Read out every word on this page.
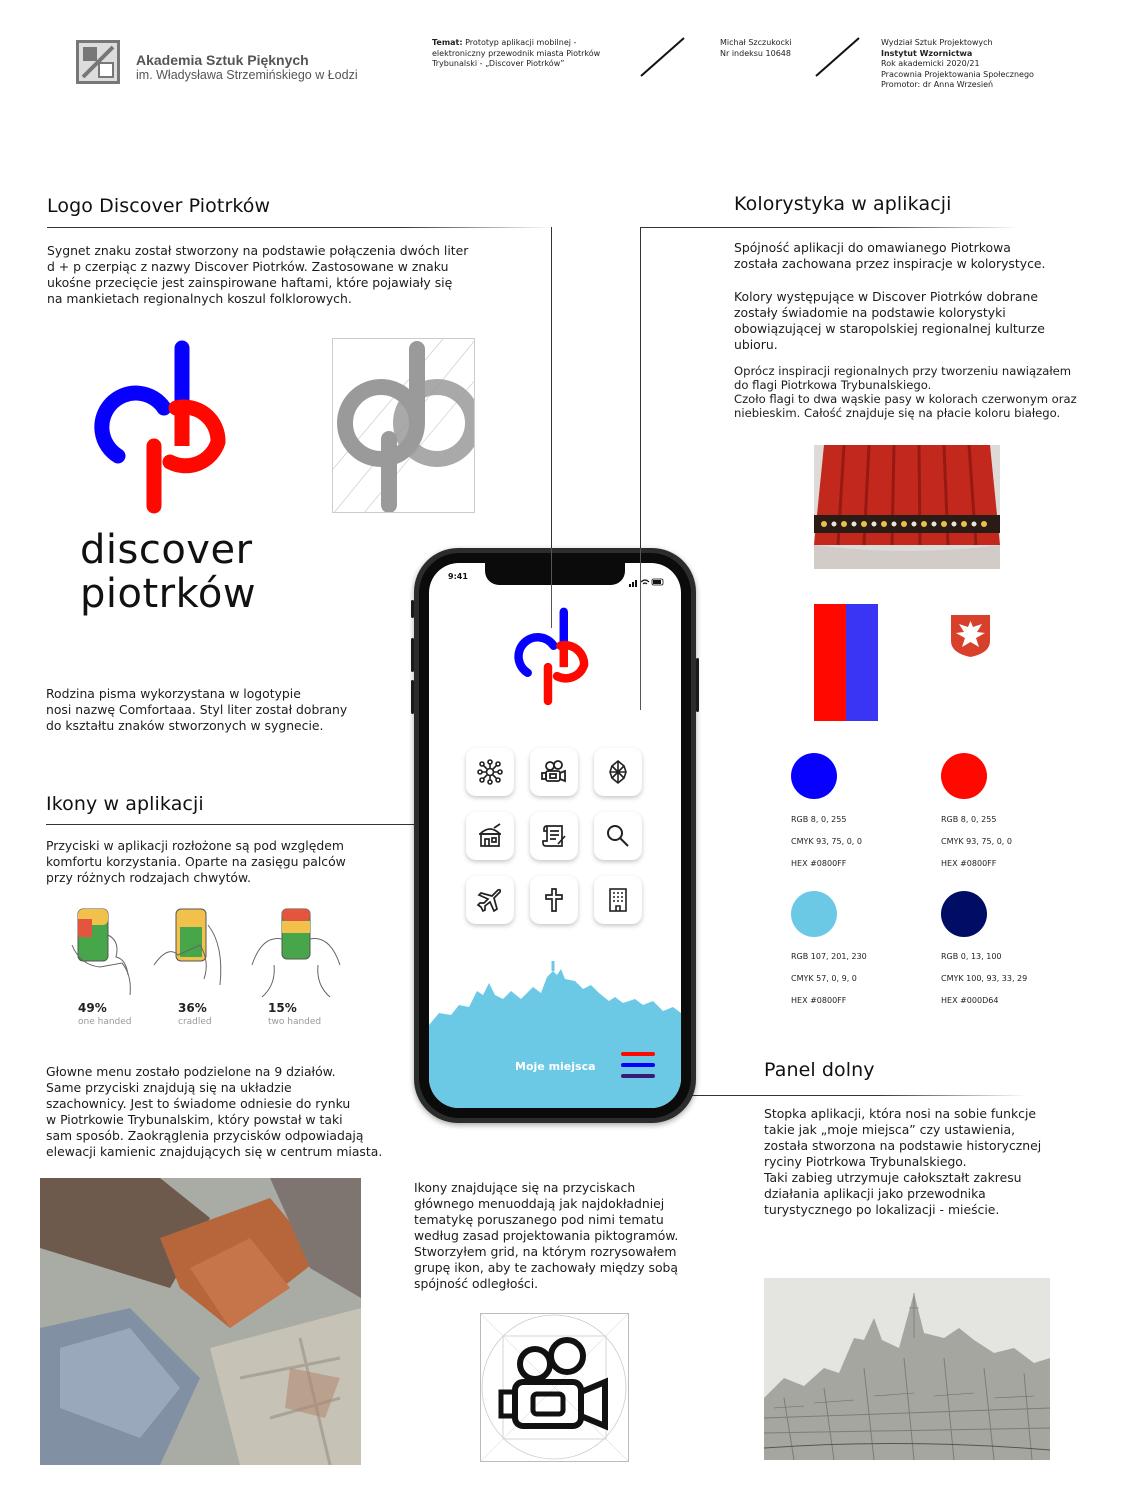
Akademia Sztuk Pięknych
im. Władysława Strzemińskiego w Łodzi
Temat: Prototyp aplikacji mobilnej - elektroniczny przewodnik miasta Piotrków Trybunalski - „Discover Piotrków”
Michał Szczukocki
Nr indeksu 10648
Wydział Sztuk Projektowych
Instytut Wzornictwa
Rok akademicki 2020/21
Pracownia Projektowania Społecznego
Promotor: dr Anna Wrzesień
Logo Discover Piotrków
Sygnet znaku został stworzony na podstawie połączenia dwóch liter
d + p czerpiąc z nazwy Discover Piotrków. Zastosowane w znaku
ukośne przecięcie jest zainspirowane haftami, które pojawiały się
na mankietach regionalnych koszul folklorowych.
discover
piotrków
Rodzina pisma wykorzystana w logotypie
nosi nazwę Comfortaaa. Styl liter został dobrany
do kształtu znaków stworzonych w sygnecie.
Ikony w aplikacji
Przyciski w aplikacji rozłożone są pod względem
komfortu korzystania. Oparte na zasięgu palców
przy różnych rodzajach chwytów.
49%
one handed
36%
cradled
15%
two handed
Głowne menu zostało podzielone na 9 działów.
Same przyciski znajdują się na układzie
szachownicy. Jest to świadome odniesie do rynku
w Piotrkowie Trybunalskim, który powstał w taki
sam sposób. Zaokrąglenia przycisków odpowiadają
elewacji kamienic znajdujących się w centrum miasta.
Ikony znajdujące się na przyciskach
głównego menuoddają jak najdokładniej
tematykę poruszanego pod nimi tematu
według zasad projektowania piktogramów.
Stworzyłem grid, na którym rozrysowałem
grupę ikon, aby te zachowały między sobą
spójność odległości.
Kolorystyka w aplikacji
Spójność aplikacji do omawianego Piotrkowa
została zachowana przez inspiracje w kolorystyce.
Kolory występujące w Discover Piotrków dobrane
zostały świadomie na podstawie kolorystyki
obowiązującej w staropolskiej regionalnej kulturze
ubioru.
Oprócz inspiracji regionalnych przy tworzeniu nawiązałem
do flagi Piotrkowa Trybunalskiego.
Czoło flagi to dwa wąskie pasy w kolorach czerwonym oraz
niebieskim. Całość znajduje się na płacie koloru białego.
RGB 8, 0, 255
CMYK 93, 75, 0, 0
HEX #0800FF
RGB 8, 0, 255
CMYK 93, 75, 0, 0
HEX #0800FF
RGB 107, 201, 230
CMYK 57, 0, 9, 0
HEX #0800FF
RGB 0, 13, 100
CMYK 100, 93, 33, 29
HEX #000D64
Panel dolny
Stopka aplikacji, która nosi na sobie funkcje
takie jak „moje miejsca” czy ustawienia,
została stworzona na podstawie historycznej
ryciny Piotrkowa Trybunalskiego.
Taki zabieg utrzymuje całokształt zakresu
działania aplikacji jako przewodnika
turystycznego po lokalizacji - mieście.
9:41
Moje miejsca
